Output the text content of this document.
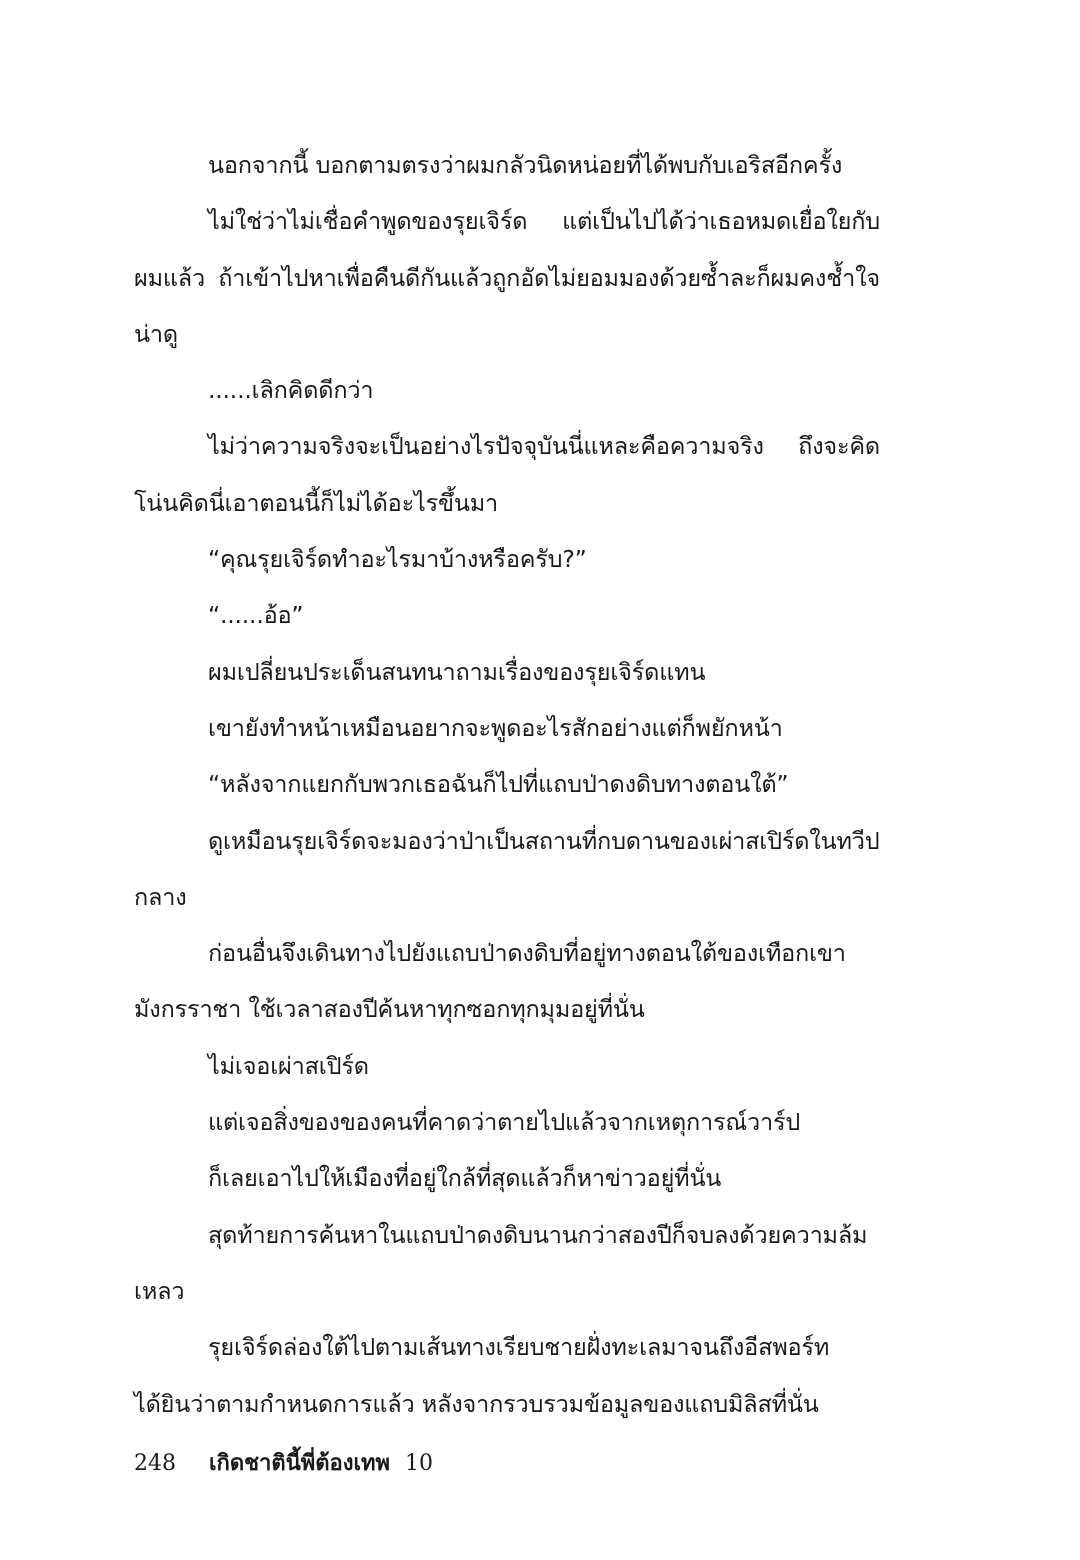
นอกจากนี้ บอกตามตรงว่าผมกลัวนิดหน่อยที่ได้พบกับเอริสอีกครั้ง

ไม่ใช่ว่าไม่เชื่อคำพูดของรุยเจิร์ด แต่เป็นไปได้ว่าเธอหมดเยื่อใยกับผมแล้ว ถ้าเข้าไปหาเพื่อคืนดีกันแล้วถูกอัดไม่ยอมมองด้วยซ้ำละก็ผมคงช้ำใจน่าดู

......เลิกคิดดีกว่า

ไม่ว่าความจริงจะเป็นอย่างไรปัจจุบันนี่แหละคือความจริง ถึงจะคิดโน่นคิดนี่เอาตอนนี้ก็ไม่ได้อะไรขึ้นมา

“คุณรุยเจิร์ดทำอะไรมาบ้างหรือครับ?”

“......อ้อ”

ผมเปลี่ยนประเด็นสนทนาถามเรื่องของรุยเจิร์ดแทน

เขายังทำหน้าเหมือนอยากจะพูดอะไรสักอย่างแต่ก็พยักหน้า

“หลังจากแยกกับพวกเธอฉันก็ไปที่แถบป่าดงดิบทางตอนใต้”

ดูเหมือนรุยเจิร์ดจะมองว่าป่าเป็นสถานที่กบดานของเผ่าสเปิร์ดในทวีปกลาง

ก่อนอื่นจึงเดินทางไปยังแถบป่าดงดิบที่อยู่ทางตอนใต้ของเทือกเขามังกรราชา ใช้เวลาสองปีค้นหาทุกซอกทุกมุมอยู่ที่นั่น

ไม่เจอเผ่าสเปิร์ด

แต่เจอสิ่งของของคนที่คาดว่าตายไปแล้วจากเหตุการณ์วาร์ป

ก็เลยเอาไปให้เมืองที่อยู่ใกล้ที่สุดแล้วก็หาข่าวอยู่ที่นั่น

สุดท้ายการค้นหาในแถบป่าดงดิบนานกว่าสองปีก็จบลงด้วยความล้มเหลว

รุยเจิร์ดล่องใต้ไปตามเส้นทางเรียบชายฝั่งทะเลมาจนถึงอีสพอร์ทได้ยินว่าตามกำหนดการแล้ว หลังจากรวบรวมข้อมูลของแถบมิลิสที่นั่น

248 เกิดชาตินี้พี่ต้องเทพ 10
